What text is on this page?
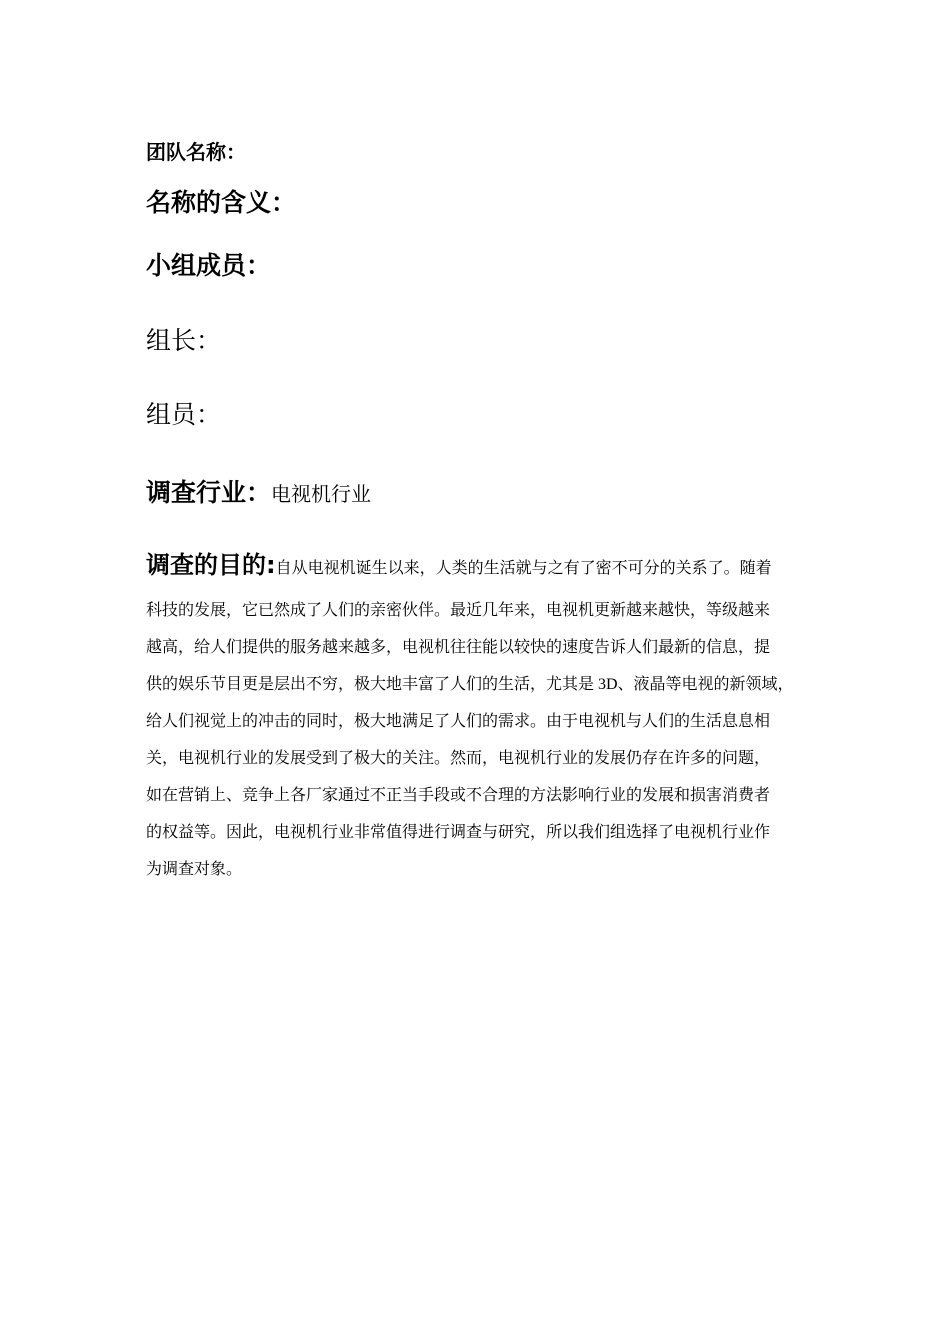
团队名称：
名称的含义：
小组成员：
组长：
组员：
调查行业：电视机行业
调查的目的:自从电视机诞生以来，人类的生活就与之有了密不可分的关系了。随着
科技的发展，它已然成了人们的亲密伙伴。最近几年来，电视机更新越来越快，等级越来
越高，给人们提供的服务越来越多，电视机往往能以较快的速度告诉人们最新的信息，提
供的娱乐节目更是层出不穷，极大地丰富了人们的生活，尤其是 3D、液晶等电视的新领域，
给人们视觉上的冲击的同时，极大地满足了人们的需求。由于电视机与人们的生活息息相
关，电视机行业的发展受到了极大的关注。然而，电视机行业的发展仍存在许多的问题，
如在营销上、竞争上各厂家通过不正当手段或不合理的方法影响行业的发展和损害消费者
的权益等。因此，电视机行业非常值得进行调查与研究，所以我们组选择了电视机行业作
为调查对象。
